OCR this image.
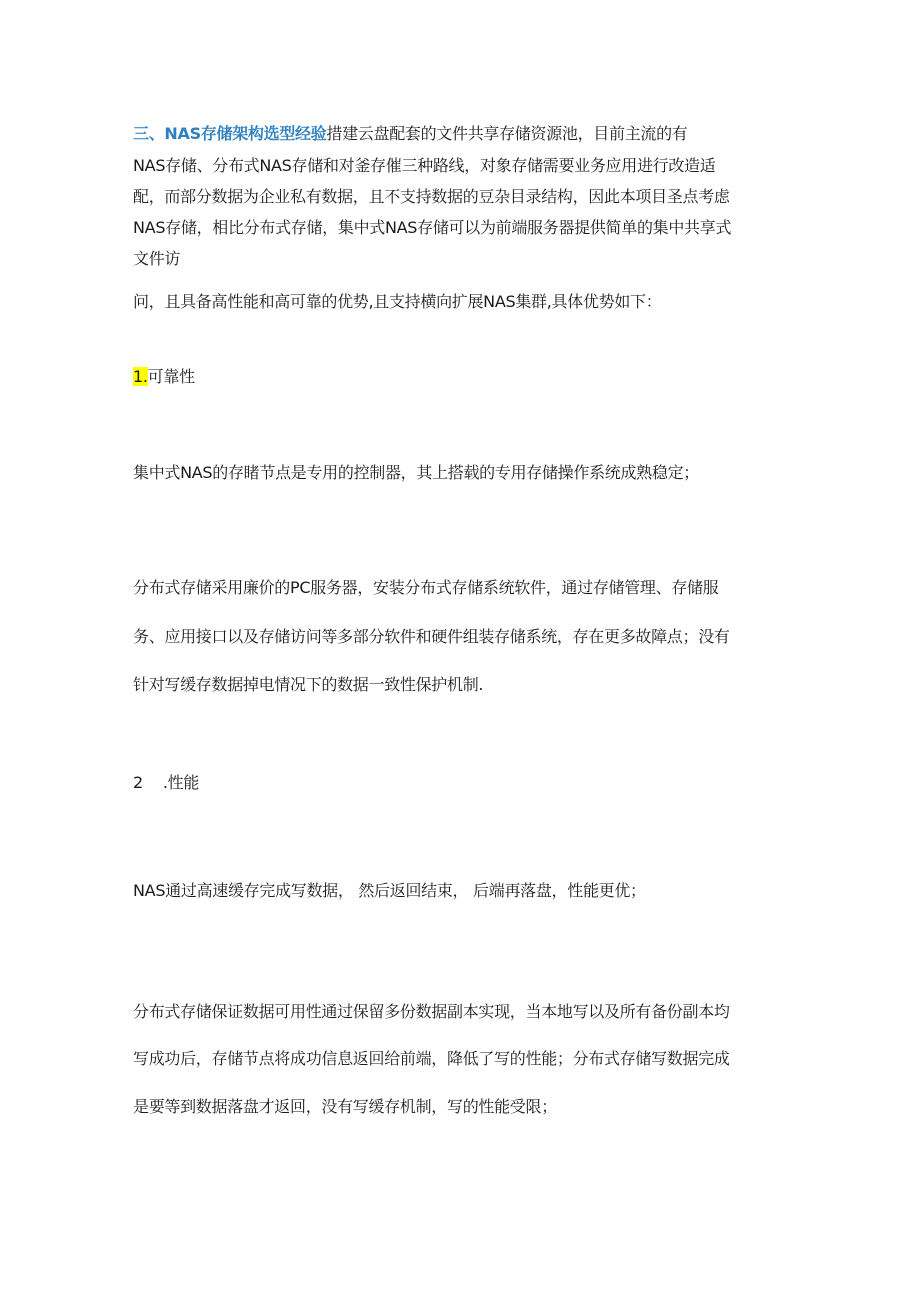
三、NAS存储架构选型经验措建云盘配套的文件共享存储资源池，目前主流的有
NAS存储、分布式NAS存储和对釜存催三种路线，对象存储需要业务应用进行改造适
配，而部分数据为企业私有数据，且不支持数据的豆杂目录结构，因此本项目圣点考虑
NAS存储，相比分布式存储，集中式NAS存储可以为前端服务器提供简单的集中共享式
文件访
问，且具备高性能和高可靠的优势,且支持横向扩展NAS集群,具体优势如下：
1.可靠性
集中式NAS的存睹节点是专用的控制器，其上搭载的专用存储操作系统成熟稳定；
分布式存储采用廉价的PC服务器，安装分布式存储系统软件，通过存储管理、存储服
务、应用接口以及存储访问等多部分软件和硬件组装存储系统，存在更多故障点；没有
针对写缓存数据掉电情况下的数据一致性保护机制.
2 .性能
NAS通过高速缓存完成写数据， 然后返回结束， 后端再落盘，性能更优；
分布式存储保证数据可用性通过保留多份数据副本实现，当本地写以及所有备份副本均
写成功后，存储节点将成功信息返回给前端，降低了写的性能；分布式存储写数据完成
是要等到数据落盘才返回，没有写缓存机制，写的性能受限；
